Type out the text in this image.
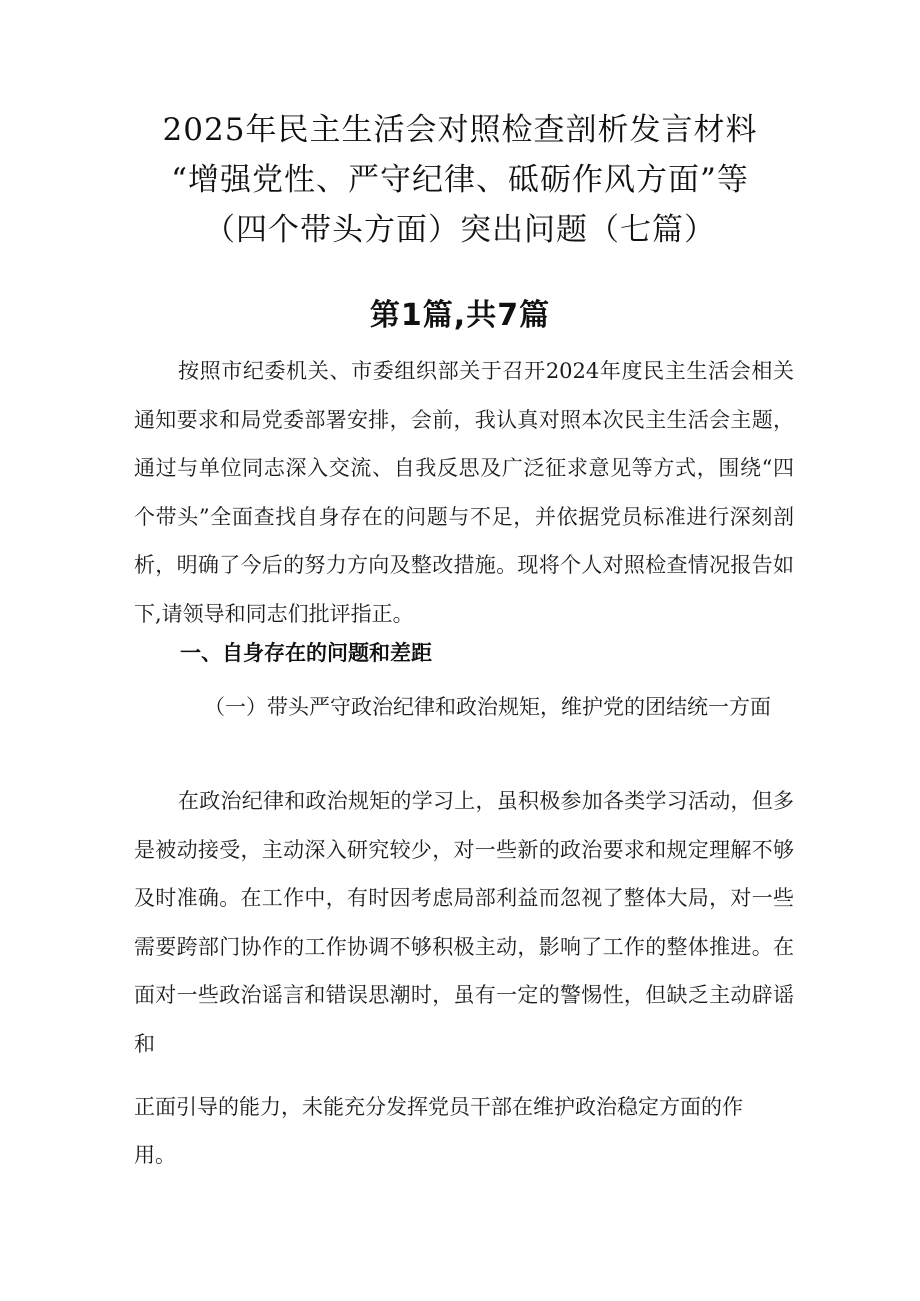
2025年民主生活会对照检查剖析发言材料
“增强党性、严守纪律、砥砺作风方面”等
（四个带头方面）突出问题（七篇）
第1篇,共7篇
按照市纪委机关、市委组织部关于召开2024年度民主生活会相关通知要求和局党委部署安排，会前，我认真对照本次民主生活会主题，通过与单位同志深入交流、自我反思及广泛征求意见等方式，围绕“四个带头”全面查找自身存在的问题与不足，并依据党员标准进行深刻剖析，明确了今后的努力方向及整改措施。现将个人对照检查情况报告如下,请领导和同志们批评指正。
一、自身存在的问题和差距
（一）带头严守政治纪律和政治规矩，维护党的团结统一方面
在政治纪律和政治规矩的学习上，虽积极参加各类学习活动，但多是被动接受，主动深入研究较少，对一些新的政治要求和规定理解不够及时准确。在工作中，有时因考虑局部利益而忽视了整体大局，对一些需要跨部门协作的工作协调不够积极主动，影响了工作的整体推进。在面对一些政治谣言和错误思潮时，虽有一定的警惕性，但缺乏主动辟谣和
正面引导的能力，未能充分发挥党员干部在维护政治稳定方面的作用。
